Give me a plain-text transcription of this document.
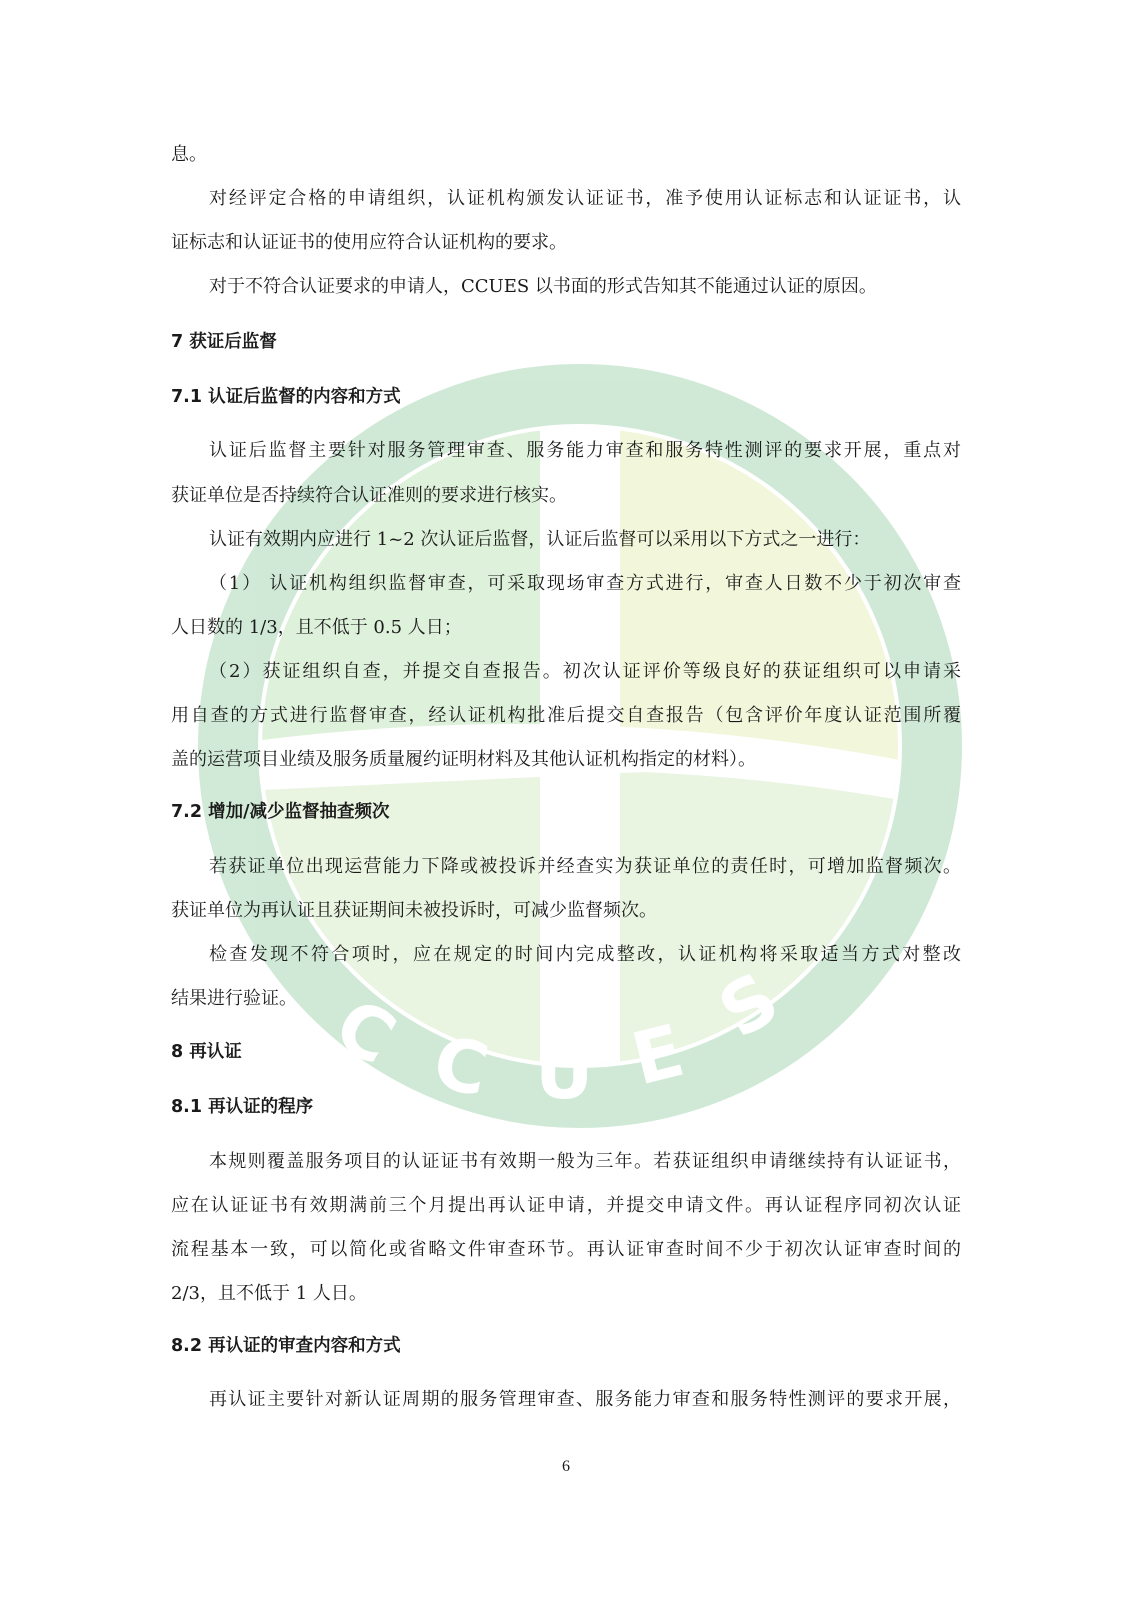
C C U E
S
息。
对经评定合格的申请组织，认证机构颁发认证证书，准予使用认证标志和认证证书，认
证标志和认证证书的使用应符合认证机构的要求。
对于不符合认证要求的申请人，CCUES 以书面的形式告知其不能通过认证的原因。
7 获证后监督
7.1 认证后监督的内容和方式
认证后监督主要针对服务管理审查、服务能力审查和服务特性测评的要求开展，重点对
获证单位是否持续符合认证准则的要求进行核实。
认证有效期内应进行 1~2 次认证后监督，认证后监督可以采用以下方式之一进行：
（1） 认证机构组织监督审查，可采取现场审查方式进行，审查人日数不少于初次审查
人日数的 1/3，且不低于 0.5 人日；
（2）获证组织自查，并提交自查报告。初次认证评价等级良好的获证组织可以申请采
用自查的方式进行监督审查，经认证机构批准后提交自查报告（包含评价年度认证范围所覆
盖的运营项目业绩及服务质量履约证明材料及其他认证机构指定的材料）。
7.2 增加/减少监督抽查频次
若获证单位出现运营能力下降或被投诉并经查实为获证单位的责任时，可增加监督频次。
获证单位为再认证且获证期间未被投诉时，可减少监督频次。
检查发现不符合项时，应在规定的时间内完成整改，认证机构将采取适当方式对整改
结果进行验证。
8 再认证
8.1 再认证的程序
本规则覆盖服务项目的认证证书有效期一般为三年。若获证组织申请继续持有认证证书，
应在认证证书有效期满前三个月提出再认证申请，并提交申请文件。再认证程序同初次认证
流程基本一致，可以简化或省略文件审查环节。再认证审查时间不少于初次认证审查时间的
2/3，且不低于 1 人日。
8.2 再认证的审查内容和方式
再认证主要针对新认证周期的服务管理审查、服务能力审查和服务特性测评的要求开展，
6
